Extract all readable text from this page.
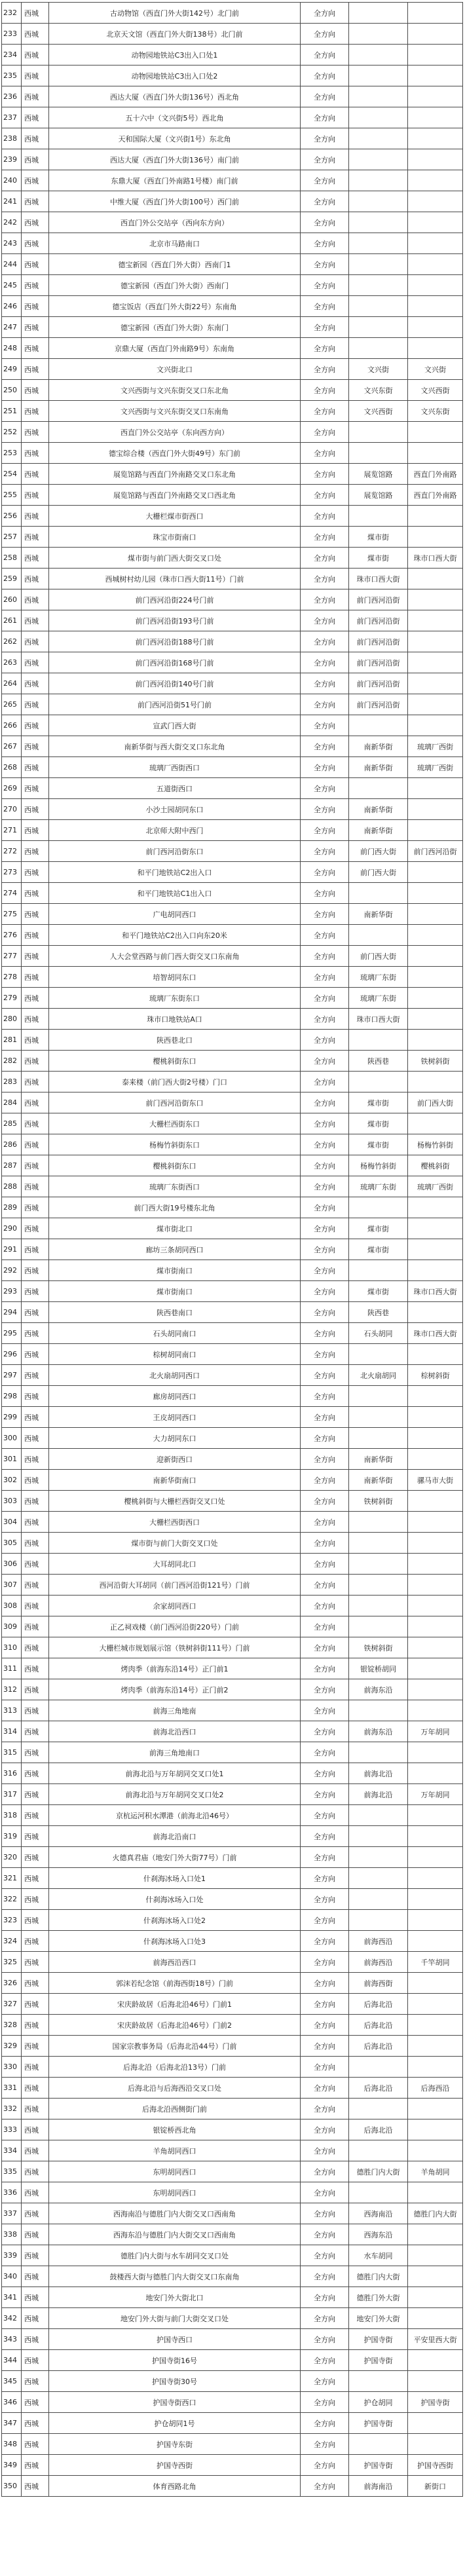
232	西城	古动物馆（西直门外大街142号）北门前	全方向		
233	西城	北京天文馆（西直门外大街138号）北门前	全方向		
234	西城	动物园地铁站C3出入口处1	全方向		
235	西城	动物园地铁站C3出入口处2	全方向		
236	西城	西达大厦（西直门外大街136号）西北角	全方向		
237	西城	五十六中（文兴街5号）西北角	全方向		
238	西城	天和国际大厦（文兴街1号）东北角	全方向		
239	西城	西达大厦（西直门外大街136号）南门前	全方向		
240	西城	东鼎大厦（西直门外南路1号楼）南门前	全方向		
241	西城	中维大厦（西直门外大街100号）西门前	全方向		
242	西城	西直门外公交站亭（西向东方向）	全方向		
243	西城	北京市马路南口	全方向		
244	西城	德宝新园（西直门外大街）西南门1	全方向		
245	西城	德宝新园（西直门外大街）西南门	全方向		
246	西城	德宝饭店（西直门外大街22号）东南角	全方向		
247	西城	德宝新园（西直门外大街）东南门	全方向		
248	西城	京鼎大厦（西直门外南路9号）东南角	全方向		
249	西城	文兴街北口	全方向	文兴街	文兴街
250	西城	文兴西街与文兴东街交叉口东北角	全方向	文兴东街	文兴西街
251	西城	文兴西街与文兴东街交叉口东南角	全方向	文兴西街	文兴东街
252	西城	西直门外公交站亭（东向西方向）	全方向		
253	西城	德宝综合楼（西直门外大街49号）东门前	全方向		
254	西城	展览馆路与西直门外南路交叉口东北角	全方向	展览馆路	西直门外南路
255	西城	展览馆路与西直门外南路交叉口西北角	全方向	展览馆路	西直门外南路
256	西城	大栅栏煤市街西口	全方向		
257	西城	珠宝市街南口	全方向	煤市街	
258	西城	煤市街与前门西大街交叉口处	全方向	煤市街	珠市口西大街
259	西城	西城树村幼儿园（珠市口西大街11号）门前	全方向	珠市口西大街	
260	西城	前门西河沿街224号门前	全方向	前门西河沿街	
261	西城	前门西河沿街193号门前	全方向	前门西河沿街	
262	西城	前门西河沿街188号门前	全方向	前门西河沿街	
263	西城	前门西河沿街168号门前	全方向	前门西河沿街	
264	西城	前门西河沿街140号门前	全方向	前门西河沿街	
265	西城	前门西河沿街51号门前	全方向	前门西河沿街	
266	西城	宣武门西大街	全方向		
267	西城	南新华街与西大街交叉口东北角	全方向	南新华街	琉璃厂西街
268	西城	琉璃厂西街西口	全方向	南新华街	琉璃厂西街
269	西城	五道街西口	全方向		
270	西城	小沙土园胡同东口	全方向	南新华街	
271	西城	北京师大附中西门	全方向	南新华街	
272	西城	前门西河沿街东口	全方向	前门西大街	前门西河沿街
273	西城	和平门地铁站C2出入口	全方向	前门西大街	
274	西城	和平门地铁站C1出入口	全方向		
275	西城	广电胡同西口	全方向	南新华街	
276	西城	和平门地铁站C2出入口向东20米	全方向		
277	西城	人大会堂西路与前门西大街交叉口东南角	全方向	前门西大街	
278	西城	培智胡同东口	全方向	琉璃厂东街	
279	西城	琉璃厂东街东口	全方向	琉璃厂东街	
280	西城	珠市口地铁站A口	全方向	珠市口西大街	
281	西城	陕西巷北口	全方向		
282	西城	樱桃斜街东口	全方向	陕西巷	铁树斜街
283	西城	泰来楼（前门西大街2号楼）门口	全方向		
284	西城	前门西河沿街东口	全方向	煤市街	前门西大街
285	西城	大栅栏西街东口	全方向	煤市街	
286	西城	杨梅竹斜街东口	全方向	煤市街	杨梅竹斜街
287	西城	樱桃斜街东口	全方向	杨梅竹斜街	樱桃斜街
288	西城	琉璃厂东街西口	全方向	琉璃厂东街	琉璃厂西街
289	西城	前门西大街19号楼东北角	全方向		
290	西城	煤市街北口	全方向	煤市街	
291	西城	廊坊三条胡同西口	全方向	煤市街	
292	西城	煤市街南口	全方向		
293	西城	煤市街南口	全方向	煤市街	珠市口西大街
294	西城	陕西巷南口	全方向	陕西巷	
295	西城	石头胡同南口	全方向	石头胡同	珠市口西大街
296	西城	棕树胡同南口	全方向		
297	西城	北火扇胡同西口	全方向	北火扇胡同	棕树斜街
298	西城	廊房胡同西口	全方向		
299	西城	王皮胡同西口	全方向		
300	西城	大力胡同东口	全方向		
301	西城	迎新街西口	全方向	南新华街	
302	西城	南新华街南口	全方向	南新华街	骡马市大街
303	西城	樱桃斜街与大栅栏西街交叉口处	全方向	铁树斜街	
304	西城	大栅栏西街西口	全方向		
305	西城	煤市街与前门大街交叉口处	全方向		
306	西城	大耳胡同北口	全方向		
307	西城	西河沿街大耳胡同（前门西河沿街121号）门前	全方向		
308	西城	余家胡同西口	全方向		
309	西城	正乙祠戏楼（前门西河沿街220号）门前	全方向		
310	西城	大栅栏城市规划展示馆（铁树斜街111号）门前	全方向	铁树斜街	
311	西城	烤肉季（前海东沿14号）正门前1	全方向	银锭桥胡同	
312	西城	烤肉季（前海东沿14号）正门前2	全方向	前海东沿	
313	西城	前海三角地南	全方向		
314	西城	前海北沿西口	全方向	前海东沿	万年胡同
315	西城	前海三角地南口	全方向		
316	西城	前海北沿与万年胡同交叉口处1	全方向	前海北沿	
317	西城	前海北沿与万年胡同交叉口处2	全方向	前海北沿	万年胡同
318	西城	京杭运河积水潭港（前海北沿46号）	全方向		
319	西城	前海北沿南口	全方向		
320	西城	火德真君庙（地安门外大街77号）门前	全方向		
321	西城	什刹海冰场入口处1	全方向		
322	西城	什刹海冰场入口处	全方向		
323	西城	什刹海冰场入口处2	全方向		
324	西城	什刹海冰场入口处3	全方向	前海西沿	
325	西城	前海西沿西口	全方向	前海西沿	千竿胡同
326	西城	郭沫若纪念馆（前海西街18号）门前	全方向	前海西街	
327	西城	宋庆龄故居（后海北沿46号）门前1	全方向	后海北沿	
328	西城	宋庆龄故居（后海北沿46号）门前2	全方向	后海北沿	
329	西城	国家宗教事务局（后海北沿44号）门前	全方向	后海北沿	
330	西城	后海北沿（后海北沿13号）门前	全方向		
331	西城	后海北沿与后海西沿交叉口处	全方向	后海北沿	后海西沿
332	西城	后海北沿西侧街门前	全方向		
333	西城	银锭桥西北角	全方向	后海北沿	
334	西城	羊角胡同西口	全方向		
335	西城	东明胡同西口	全方向	德胜门内大街	羊角胡同
336	西城	东明胡同西口	全方向		
337	西城	西海南沿与德胜门内大街交叉口西南角	全方向	西海南沿	德胜门内大街
338	西城	西海东沿与德胜门内大街交叉口西南角	全方向	西海东沿	
339	西城	德胜门内大街与水车胡同交叉口处	全方向	水车胡同	
340	西城	鼓楼西大街与德胜门内大街交叉口东南角	全方向	德胜门内大街	
341	西城	地安门外大街北口	全方向	德胜门外大街	
342	西城	地安门外大街与前门大街交叉口处	全方向	地安门外大街	
343	西城	护国寺西口	全方向	护国寺街	平安里西大街
344	西城	护国寺街16号	全方向	护国寺街	
345	西城	护国寺街30号	全方向		
346	西城	护国寺街西口	全方向	护仓胡同	护国寺街
347	西城	护仓胡同1号	全方向	护国寺街	
348	西城	护国寺东街	全方向		
349	西城	护国寺西街	全方向	护国寺街	护国寺西街
350	西城	体育西路北角	全方向	前海南沿	新街口
